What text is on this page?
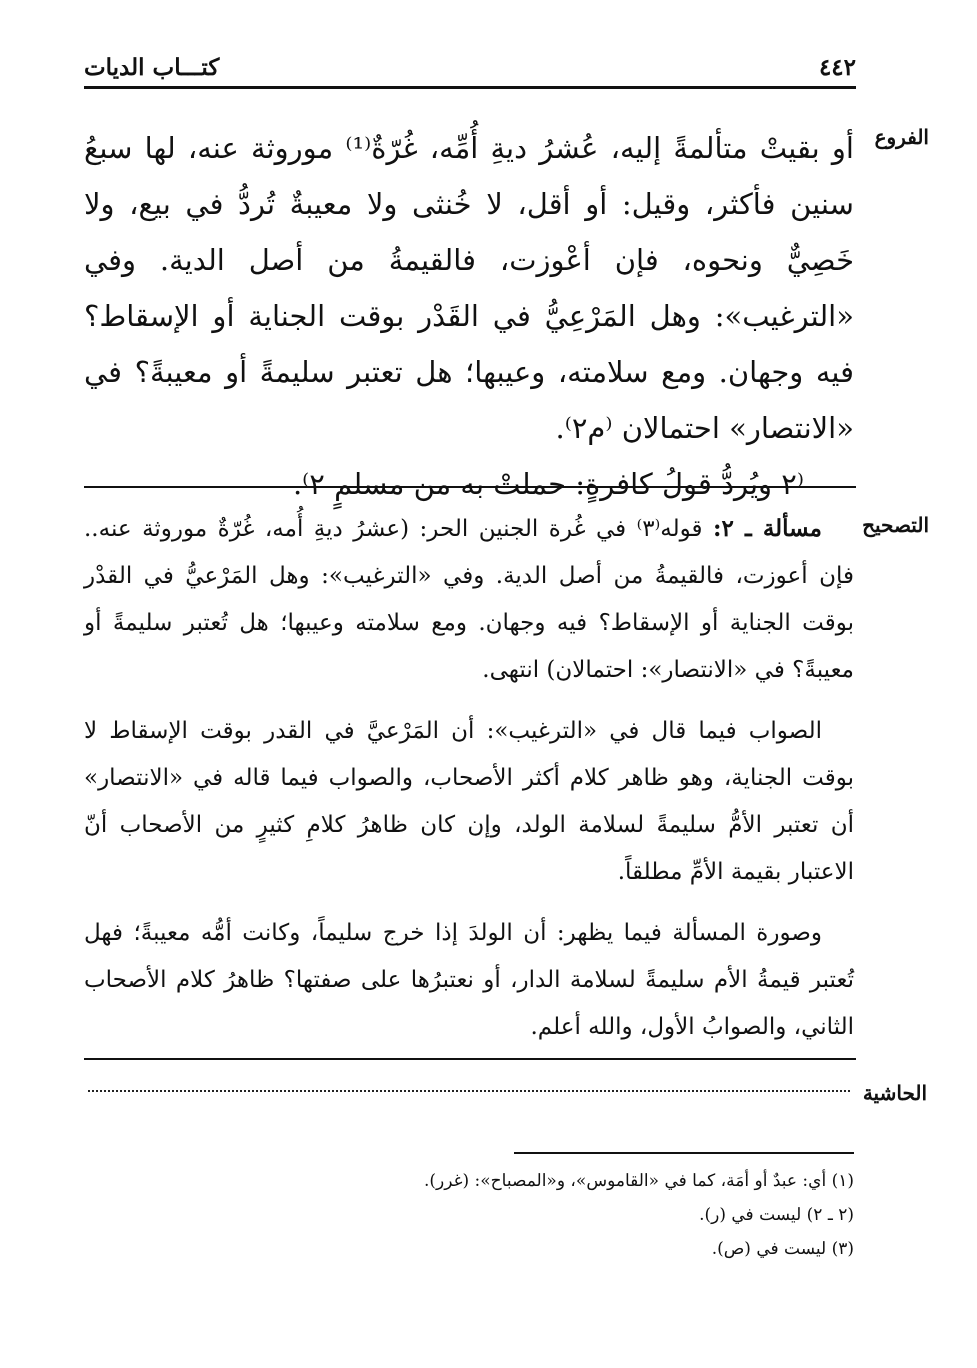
٤٤٢
كتـــاب الديات
الفروع

أو بقيتْ متألمةً إليه، عُشرُ ديةِ أُمِّه، غُرّةٌ⁽¹⁾ موروثة عنه، لها سبعُ سنين فأكثر، وقيل: أو أقل، لا خُنثى ولا معيبةٌ تُردُّ في بيع، ولا خَصِيٌّ ونحوه، فإن أعْوزت، فالقيمةُ من أصل الدية. وفي «الترغيب»: وهل المَرْعِيُّ في القَدْر بوقت الجناية أو الإسقاط؟ فيه وجهان. ومع سلامته، وعيبها؛ هل تعتبر سليمةً أو معيبةً؟ في «الانتصار» احتمالان ⁽م٢⁾.

⁽٢ ويُردُّ قولُ كافرةٍ: حملتْ به من مسلمٍ ٢⁾.

التصحيح

مسألة ـ ٢: قوله⁽٣⁾ في غُرة الجنين الحر: (عشرُ ديةِ أُمه، غُرّةٌ موروثة عنه.. فإن أعوزت، فالقيمةُ من أصل الدية. وفي «الترغيب»: وهل المَرْعيُّ في القدْر بوقت الجناية أو الإسقاط؟ فيه وجهان. ومع سلامته وعيبها؛ هل تُعتبر سليمةً أو معيبةً؟ في «الانتصار»: احتمالان) انتهى.

الصواب فيما قال في «الترغيب»: أن المَرْعيَّ في القدر بوقت الإسقاط لا بوقت الجناية، وهو ظاهر كلام أكثر الأصحاب، والصواب فيما قاله في «الانتصار» أن تعتبر الأمُّ سليمةً لسلامة الولد، وإن كان ظاهرُ كلامِ كثيرٍ من الأصحاب أنّ الاعتبار بقيمة الأمِّ مطلقاً.

وصورة المسألة فيما يظهر: أن الولدَ إذا خرج سليماً، وكانت أمُّه معيبةً؛ فهل تُعتبر قيمةُ الأم سليمةً لسلامة الدار، أو نعتبرُها على صفتها؟ ظاهرُ كلام الأصحاب الثاني، والصوابُ الأول، والله أعلم.

الحاشية
(١) أي: عبدٌ أو أمَة، كما في «القاموس»، و«المصباح»: (غرر).
(٢ ـ ٢) ليست في (ر).
(٣) ليست في (ص).
